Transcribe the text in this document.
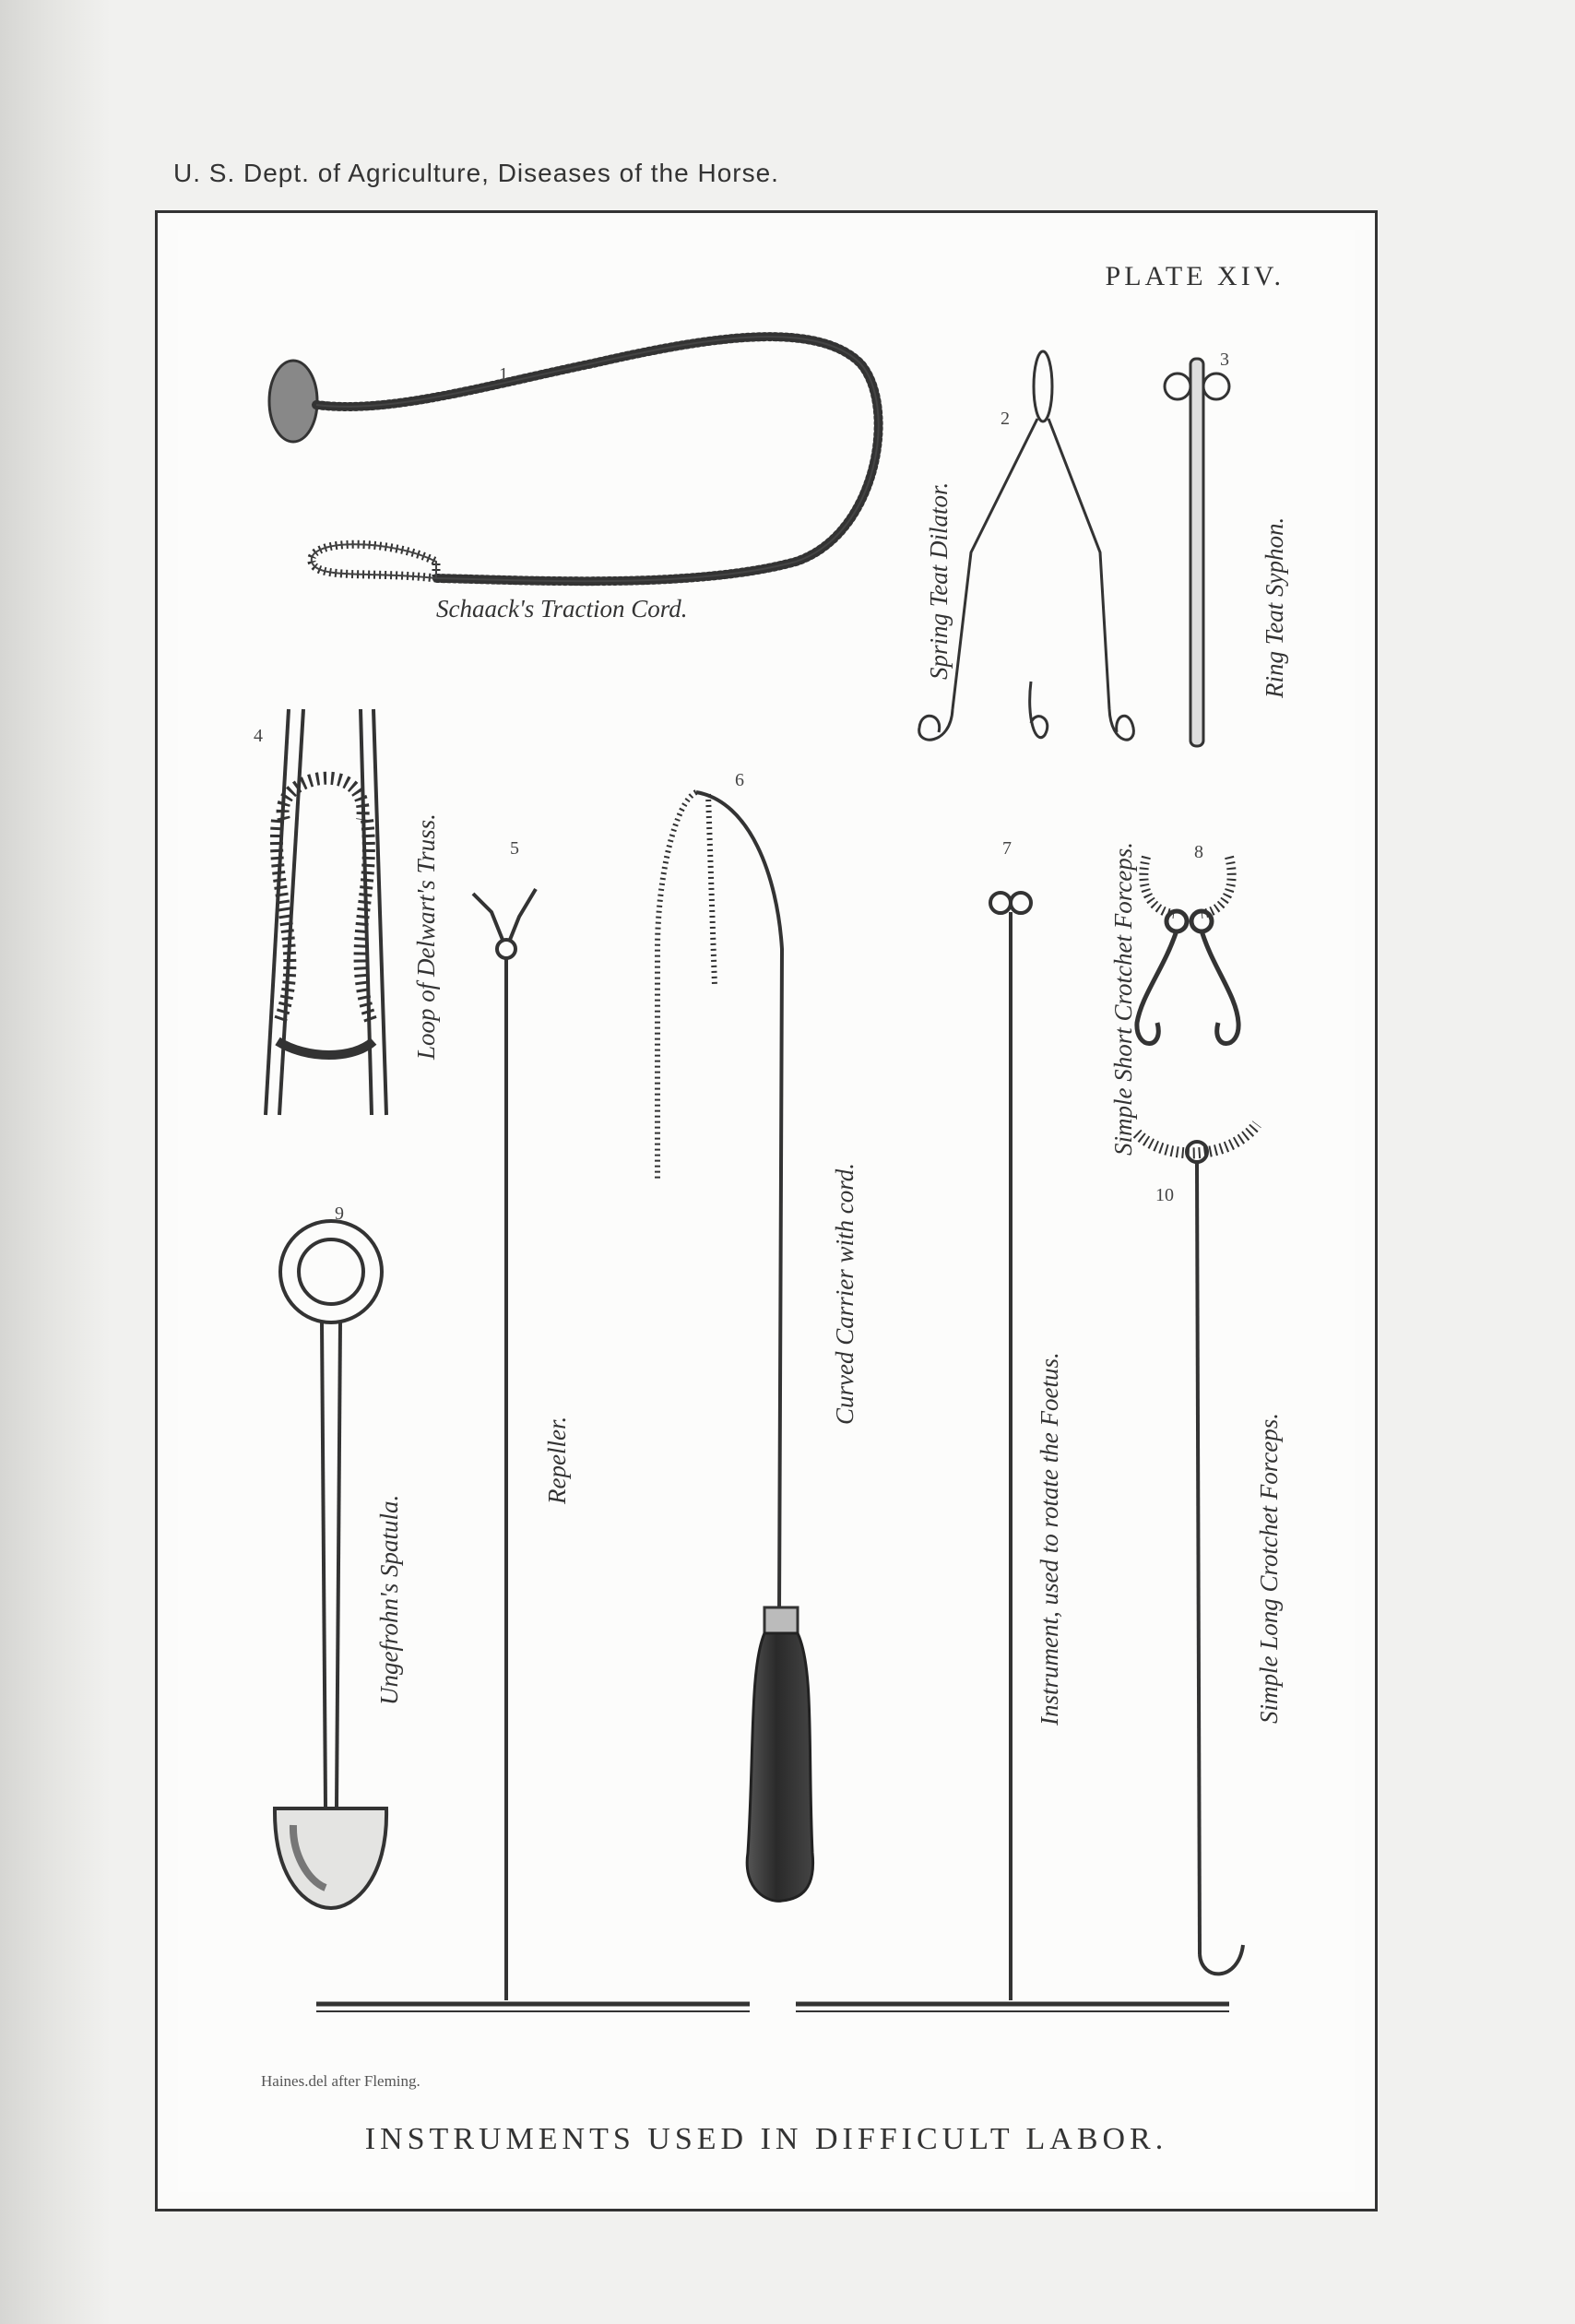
U. S. Dept. of Agriculture, Diseases of the Horse.
PLATE XIV.
1
2
3
4
5
6
7	8
9
10
Schaack's Traction Cord.	Spring Teat Dilator.	Ring Teat Syphon.
Loop of Delwart's Truss.
Repeller.
Curved Carrier with cord.
Instrument, used to rotate the Foetus.
Simple Short Crotchet Forceps.
Ungefrohn's Spatula.	Simple Long Crotchet Forceps.
Haines.del after Fleming.
INSTRUMENTS USED IN DIFFICULT LABOR.
